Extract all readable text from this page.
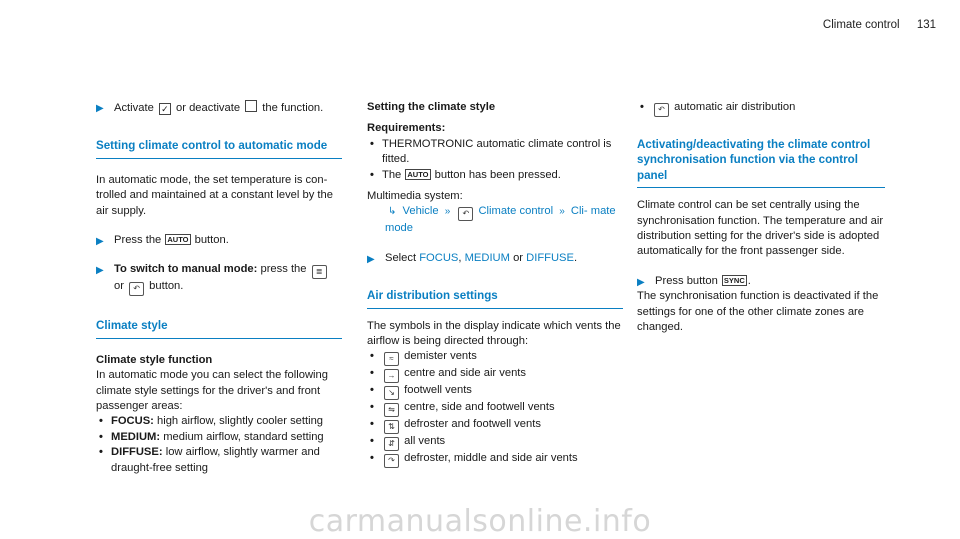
Climate control 131
▶ Activate ✓ or deactivate the function.
Setting climate control to automatic mode

In automatic mode, the set temperature is con- trolled and maintained at a constant level by the air supply.

▶ Press the AUTO button.
▶ To switch to manual mode: press the ≣
or ↶ button.
Climate style

Climate style function

In automatic mode you can select the following climate style settings for the driver's and front passenger areas:

• FOCUS: high airflow, slightly cooler setting
• MEDIUM: medium airflow, standard setting
• DIFFUSE: low airflow, slightly warmer and draught-free setting

Setting the climate style

Requirements:

• THERMOTRONIC automatic climate control is fitted.
• The AUTO button has been pressed.

Multimedia system:

↳ Vehicle » ↶ Climate control » Cli- mate mode

▶ Select FOCUS, MEDIUM or DIFFUSE.
Air distribution settings

The symbols in the display indicate which vents the airflow is being directed through:

• ≈ demister vents
• → centre and side air vents
• ↘ footwell vents
• ⇋ centre, side and footwell vents
• ⇅ defroster and footwell vents
• ⇵ all vents
• ↷ defroster, middle and side air vents
• ↶ automatic air distribution
Activating/deactivating the climate control synchronisation function via the control panel

Climate control can be set centrally using the synchronisation function. The temperature and air distribution setting for the driver's side is adopted automatically for the front passenger side.

▶ Press button SYNC .

The synchronisation function is deactivated if the settings for one of the other climate zones are changed.

carmanualsonline.info
